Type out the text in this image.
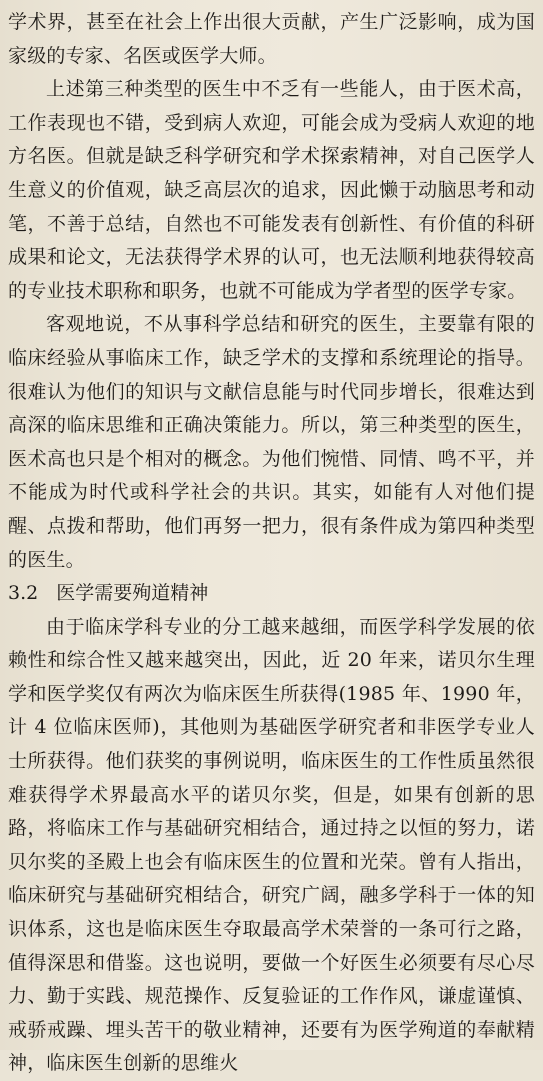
学术界，甚至在社会上作出很大贡献，产生广泛影响，成为国家级的专家、名医或医学大师。

上述第三种类型的医生中不乏有一些能人，由于医术高，工作表现也不错，受到病人欢迎，可能会成为受病人欢迎的地方名医。但就是缺乏科学研究和学术探索精神，对自己医学人生意义的价值观，缺乏高层次的追求，因此懒于动脑思考和动笔，不善于总结，自然也不可能发表有创新性、有价值的科研成果和论文，无法获得学术界的认可，也无法顺利地获得较高的专业技术职称和职务，也就不可能成为学者型的医学专家。

客观地说，不从事科学总结和研究的医生，主要靠有限的临床经验从事临床工作，缺乏学术的支撑和系统理论的指导。很难认为他们的知识与文献信息能与时代同步增长，很难达到高深的临床思维和正确决策能力。所以，第三种类型的医生，医术高也只是个相对的概念。为他们惋惜、同情、鸣不平，并不能成为时代或科学社会的共识。其实，如能有人对他们提醒、点拨和帮助，他们再努一把力，很有条件成为第四种类型的医生。

3.2 医学需要殉道精神

由于临床学科专业的分工越来越细，而医学科学发展的依赖性和综合性又越来越突出，因此，近 20 年来，诺贝尔生理学和医学奖仅有两次为临床医生所获得(1985 年、1990 年，计 4 位临床医师)，其他则为基础医学研究者和非医学专业人士所获得。他们获奖的事例说明，临床医生的工作性质虽然很难获得学术界最高水平的诺贝尔奖，但是，如果有创新的思路，将临床工作与基础研究相结合，通过持之以恒的努力，诺贝尔奖的圣殿上也会有临床医生的位置和光荣。曾有人指出，临床研究与基础研究相结合，研究广阔，融多学科于一体的知识体系，这也是临床医生夺取最高学术荣誉的一条可行之路，值得深思和借鉴。这也说明，要做一个好医生必须要有尽心尽力、勤于实践、规范操作、反复验证的工作作风，谦虚谨慎、戒骄戒躁、埋头苦干的敬业精神，还要有为医学殉道的奉献精神，临床医生创新的思维火
